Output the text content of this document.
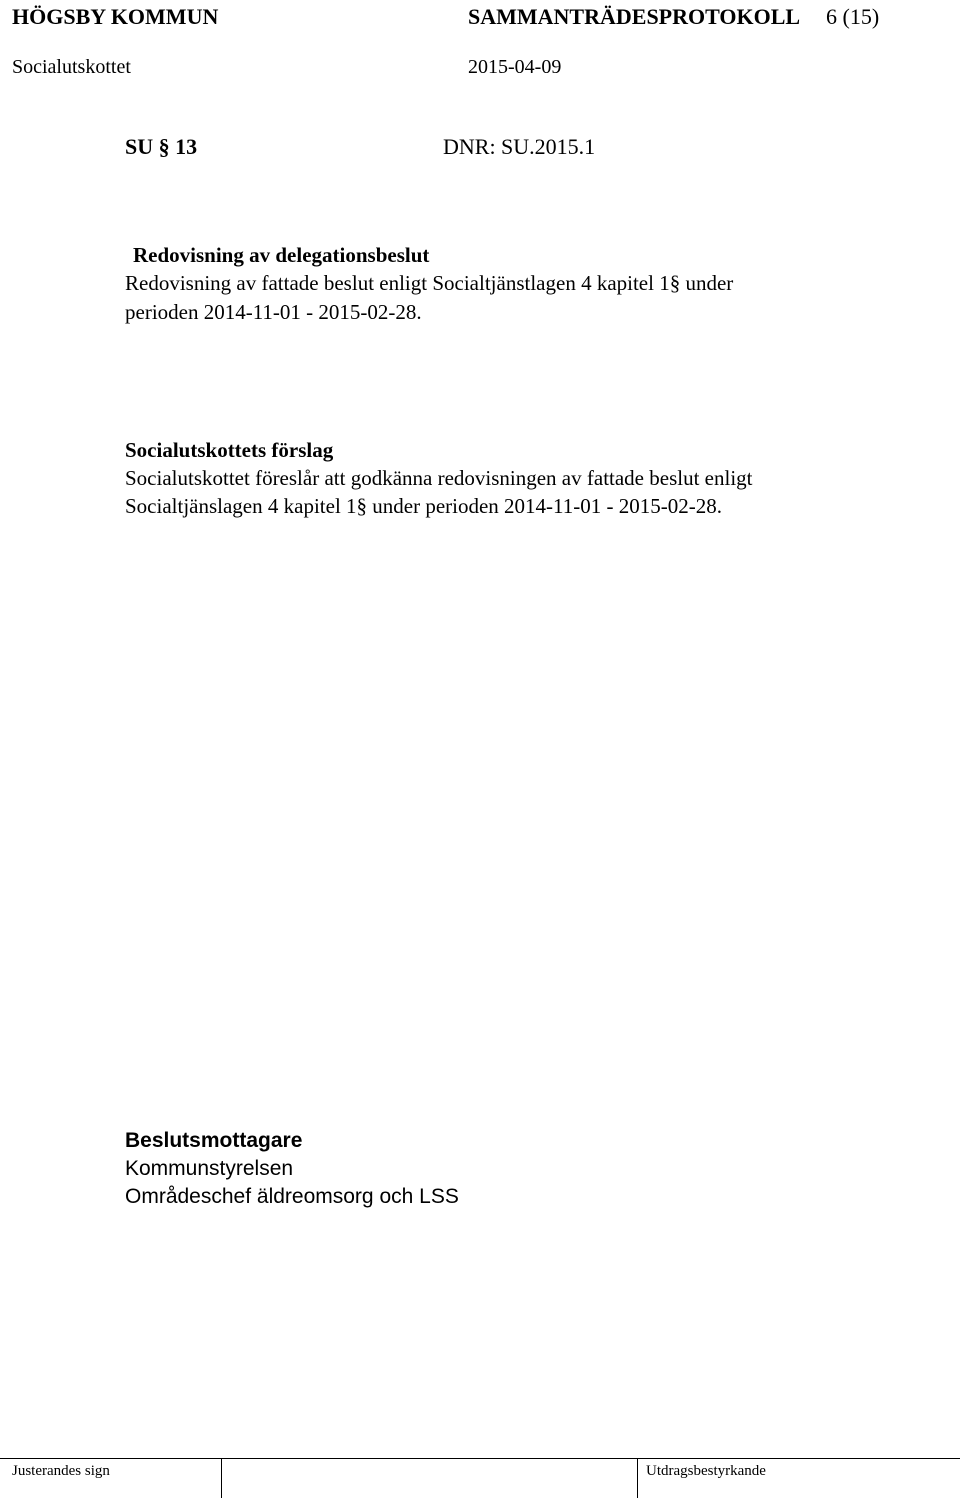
HÖGSBY KOMMUN	SAMMANTRÄDESPROTOKOLL 6 (15)
Socialutskottet	2015-04-09
SU § 13	DNR: SU.2015.1
Redovisning av delegationsbeslut
Redovisning av fattade beslut enligt Socialtjänstlagen 4 kapitel 1§ under
perioden 2014-11-01 - 2015-02-28.
Socialutskottets förslag
Socialutskottet föreslår att godkänna redovisningen av fattade beslut enligt
Socialtjänslagen 4 kapitel 1§ under perioden 2014-11-01 - 2015-02-28.
Beslutsmottagare
Kommunstyrelsen
Områdeschef äldreomsorg och LSS
Justerandes sign	Utdragsbestyrkande
